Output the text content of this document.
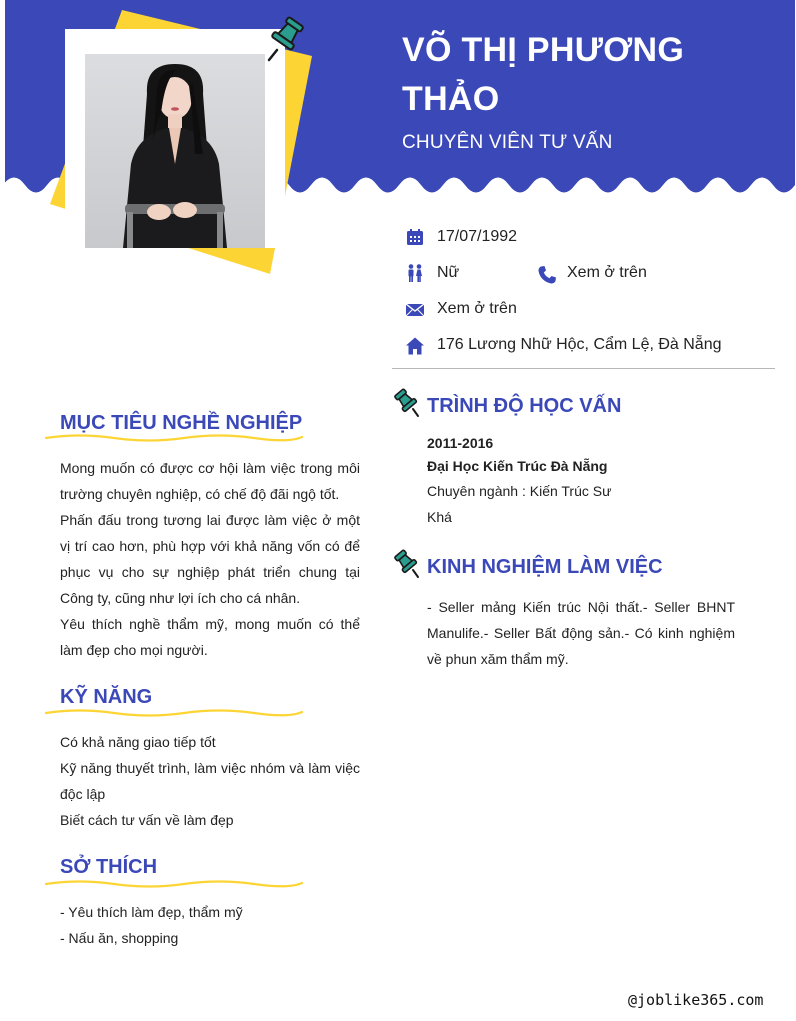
VÕ THỊ PHƯƠNG THẢO
CHUYÊN VIÊN TƯ VẤN
17/07/1992
Nữ	Xem ở trên
Xem ở trên
176 Lương Nhữ Hộc, Cẩm Lệ, Đà Nẵng
MỤC TIÊU NGHỀ NGHIỆP

Mong muốn có được cơ hội làm việc trong môi trường chuyên nghiệp, có chế độ đãi ngộ tốt.

Phấn đấu trong tương lai được làm việc ở một vị trí cao hơn, phù hợp với khả năng vốn có để phục vụ cho sự nghiệp phát triển chung tại Công ty, cũng như lợi ích cho cá nhân.

Yêu thích nghề thẩm mỹ, mong muốn có thể làm đẹp cho mọi người.

KỸ NĂNG

Có khả năng giao tiếp tốt

Kỹ năng thuyết trình, làm việc nhóm và làm việc độc lập

Biết cách tư vấn về làm đẹp

SỞ THÍCH

- Yêu thích làm đẹp, thẩm mỹ

- Nấu ăn, shopping

TRÌNH ĐỘ HỌC VẤN
2011-2016
Đại Học Kiến Trúc Đà Nẵng
Chuyên ngành : Kiến Trúc Sư
Khá
KINH NGHIỆM LÀM VIỆC
- Seller mảng Kiến trúc Nội thất.- Seller BHNT Manulife.- Seller Bất động sản.- Có kinh nghiệm về phun xăm thẩm mỹ.
@joblike365.com
